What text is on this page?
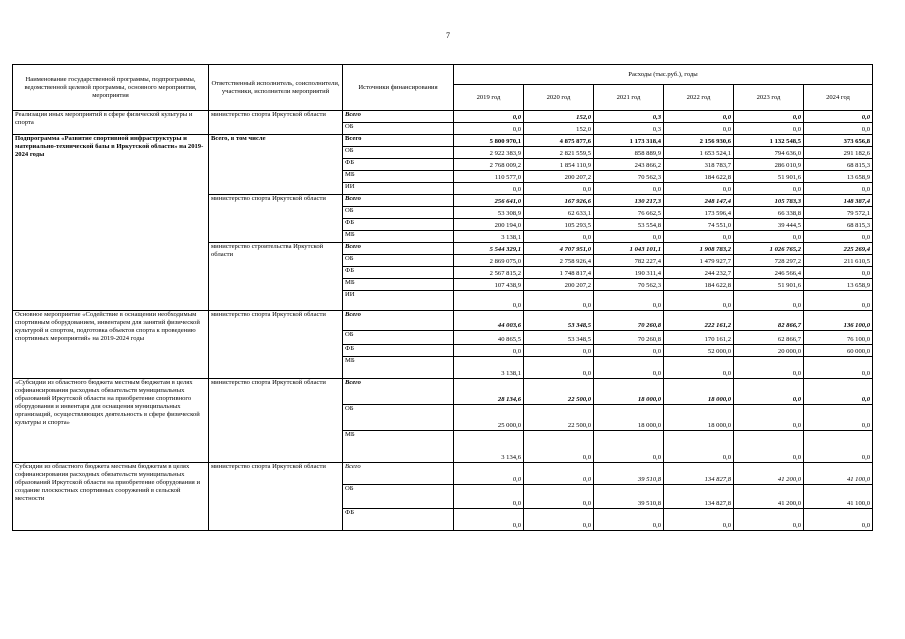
7
Наименование государственной программы, подпрограммы, ведомственной целевой программы, основного мероприятия, мероприятия	Ответственный исполнитель, соисполнители, участники, исполнители мероприятий	Источники финансирования	Расходы (тыс.руб.), годы					
			2019 год	2020 год	2021 год	2022 год	2023 год	2024 год
Реализация иных мероприятий в сфере физической культуры и спорта	министерство спорта Иркутской области	Всего	0,0	152,0	0,3	0,0	0,0	0,0
		ОБ	0,0	152,0	0,3	0,0	0,0	0,0
Подпрограмма «Развитие спортивной инфраструктуры и материально-технической базы в Иркутской области» на 2019-2024 годы	Всего, в том числе	Всего	5 800 970,1	4 875 877,6	1 173 318,4	2 156 930,6	1 132 548,5	373 656,8
		ОБ	2 922 383,9	2 821 559,5	858 889,9	1 653 524,1	794 636,0	291 182,6
		ФБ	2 768 009,2	1 854 110,9	243 866,2	318 783,7	286 010,9	68 815,3
		МБ	110 577,0	200 207,2	70 562,3	184 622,8	51 901,6	13 658,9
		ИИ	0,0	0,0	0,0	0,0	0,0	0,0
	министерство спорта Иркутской области	Всего	256 641,0	167 926,6	130 217,3	248 147,4	105 783,3	148 387,4
		ОБ	53 308,9	62 633,1	76 662,5	173 596,4	66 338,8	79 572,1
		ФБ	200 194,0	105 293,5	53 554,8	74 551,0	39 444,5	68 815,3
		МБ	3 138,1	0,0	0,0	0,0	0,0	0,0
	министерство строительства Иркутской области	Всего	5 544 329,1	4 707 951,0	1 043 101,1	1 908 783,2	1 026 765,2	225 269,4
		ОБ	2 869 075,0	2 758 926,4	782 227,4	1 479 927,7	728 297,2	211 610,5
		ФБ	2 567 815,2	1 748 817,4	190 311,4	244 232,7	246 566,4	0,0
		МБ	107 438,9	200 207,2	70 562,3	184 622,8	51 901,6	13 658,9
		ИИ	0,0	0,0	0,0	0,0	0,0	0,0
Основное мероприятие «Содействие в оснащении необходимым спортивным оборудованием, инвентарем для занятий физической культурой и спортом, подготовка объектов спорта к проведению спортивных мероприятий» на 2019-2024 годы	министерство спорта Иркутской области	Всего	44 003,6	53 348,5	70 260,8	222 161,2	82 866,7	136 100,0
		ОБ	40 865,5	53 348,5	70 260,8	170 161,2	62 866,7	76 100,0
		ФБ	0,0	0,0	0,0	52 000,0	20 000,0	60 000,0
		МБ	3 138,1	0,0	0,0	0,0	0,0	0,0
«Субсидии из областного бюджета местным бюджетам в целях софинансирования расходных обязательств муниципальных образований Иркутской области на приобретение спортивного оборудования и инвентаря для оснащения муниципальных организаций, осуществляющих деятельность в сфере физической культуры и спорта»	министерство спорта Иркутской области	Всего	28 134,6	22 500,0	18 000,0	18 000,0	0,0	0,0
		ОБ	25 000,0	22 500,0	18 000,0	18 000,0	0,0	0,0
		МБ	3 134,6	0,0	0,0	0,0	0,0	0,0
Субсидии из областного бюджета местным бюджетам в целях софинансирования расходных обязательств муниципальных образований Иркутской области на приобретение оборудования и создание плоскостных спортивных сооружений в сельской местности	министерство спорта Иркутской области	Всего	0,0	0,0	39 510,8	134 827,8	41 200,0	41 100,0
		ОБ	0,0	0,0	39 510,8	134 827,8	41 200,0	41 100,0
		ФБ	0,0	0,0	0,0	0,0	0,0	0,0
